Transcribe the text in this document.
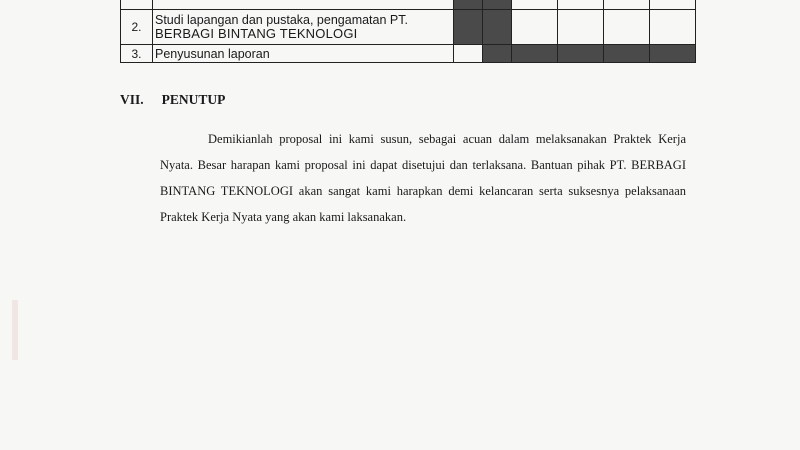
2.	Studi lapangan dan pustaka, pengamatan PT.
BERBAGI BINTANG TEKNOLOGI						

3.	Penyusunan laporan						
VII. PENUTUP

Demikianlah proposal ini kami susun, sebagai acuan dalam melaksanakan Praktek Kerja Nyata. Besar harapan kami proposal ini dapat disetujui dan terlaksana. Bantuan pihak PT. BERBAGI BINTANG TEKNOLOGI akan sangat kami harapkan demi kelancaran serta suksesnya pelaksanaan Praktek Kerja Nyata yang akan kami laksanakan.
